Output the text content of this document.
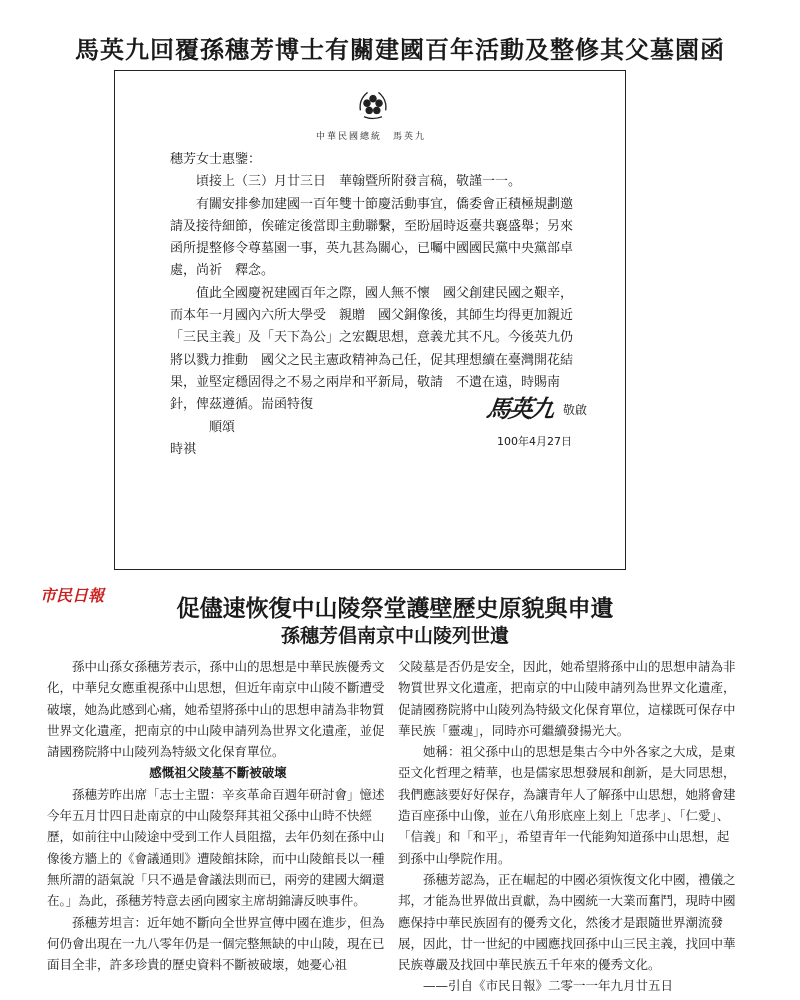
馬英九回覆孫穗芳博士有關建國百年活動及整修其父墓園函
中華民國總統　馬英九

穗芳女士惠鑒：

頃接上（三）月廿三日　華翰暨所附發言稿，敬謹一一。

有關安排參加建國一百年雙十節慶活動事宜，僑委會正積極規劃邀請及接待細節，俟確定後當即主動聯繫，至盼屆時返臺共襄盛舉；另來函所提整修令尊墓園一事，英九甚為關心，已囑中國國民黨中央黨部卓處，尚祈　釋念。

值此全國慶祝建國百年之際，國人無不懷　國父創建民國之艱辛，而本年一月國內六所大學受　親贈　國父銅像後，其師生均得更加親近「三民主義」及「天下為公」之宏觀思想，意義尤其不凡。今後英九仍將以戮力推動　國父之民主憲政精神為己任，促其理想續在臺灣開花結果，並堅定穩固得之不易之兩岸和平新局，敬請　不遺在遠，時賜南針，俾茲遵循。耑函特復

順頌

時祺

馬英九 敬啟
100年4月27日
市民日報
促儘速恢復中山陵祭堂護壁歷史原貌與申遺
孫穗芳倡南京中山陵列世遺

孫中山孫女孫穗芳表示，孫中山的思想是中華民族優秀文化，中華兒女應重視孫中山思想，但近年南京中山陵不斷遭受破壞，她為此感到心痛，她希望將孫中山的思想申請為非物質世界文化遺產，把南京的中山陵申請列為世界文化遺產，並促請國務院將中山陵列為特級文化保育單位。

感慨祖父陵墓不斷被破壞

孫穗芳昨出席「志士主盟：辛亥革命百週年研討會」憶述今年五月廿四日赴南京的中山陵祭拜其祖父孫中山時不快經歷，如前往中山陵途中受到工作人員阻擋，去年仍刻在孫中山像後方牆上的《會議通則》遭陵館抹除，而中山陵館長以一種無所謂的語氣說「只不過是會議法則而已，兩旁的建國大綱還在。」為此，孫穗芳特意去函向國家主席胡錦濤反映事件。

孫穗芳坦言：近年她不斷向全世界宣傳中國在進步，但為何仍會出現在一九八零年仍是一個完整無缺的中山陵，現在已面目全非，許多珍貴的歷史資料不斷被破壞，她憂心祖

父陵墓是否仍是安全，因此，她希望將孫中山的思想申請為非物質世界文化遺產，把南京的中山陵申請列為世界文化遺產，促請國務院將中山陵列為特級文化保育單位，這樣既可保存中華民族「靈魂」，同時亦可繼續發揚光大。

她稱：祖父孫中山的思想是集古今中外各家之大成，是東亞文化哲理之精華，也是儒家思想發展和創新，是大同思想，我們應該要好好保存，為讓青年人了解孫中山思想，她將會建造百座孫中山像，並在八角形底座上刻上「忠孝」、「仁愛」、「信義」和「和平」，希望青年一代能夠知道孫中山思想，起到孫中山學院作用。

孫穗芳認為，正在崛起的中國必須恢復文化中國，禮儀之邦，才能為世界做出貢獻，為中國統一大業而奮鬥，現時中國應保持中華民族固有的優秀文化，然後才是跟隨世界潮流發展，因此，廿一世紀的中國應找回孫中山三民主義，找回中華民族尊嚴及找回中華民族五千年來的優秀文化。

——引自《市民日報》二零一一年九月廿五日
